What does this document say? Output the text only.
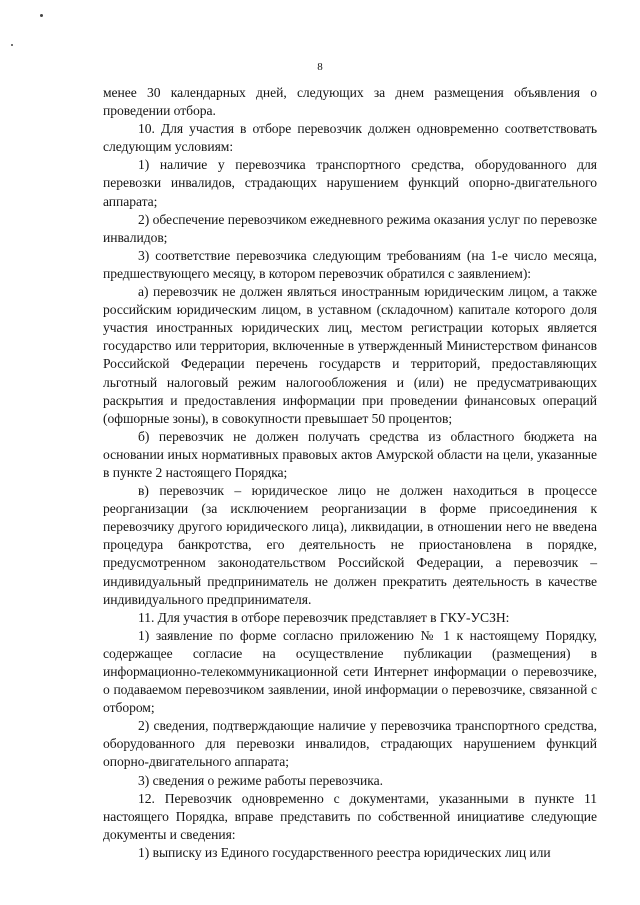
8

менее 30 календарных дней, следующих за днем размещения объявления о проведении отбора.

10. Для участия в отборе перевозчик должен одновременно соответствовать следующим условиям:

1) наличие у перевозчика транспортного средства, оборудованного для перевозки инвалидов, страдающих нарушением функций опорно-двигательного аппарата;

2) обеспечение перевозчиком ежедневного режима оказания услуг по перевозке инвалидов;

3) соответствие перевозчика следующим требованиям (на 1-е число месяца, предшествующего месяцу, в котором перевозчик обратился с заявлением):

а) перевозчик не должен являться иностранным юридическим лицом, а также российским юридическим лицом, в уставном (складочном) капитале которого доля участия иностранных юридических лиц, местом регистрации которых является государство или территория, включенные в утвержденный Министерством финансов Российской Федерации перечень государств и территорий, предоставляющих льготный налоговый режим налогообложения и (или) не предусматривающих раскрытия и предоставления информации при проведении финансовых операций (офшорные зоны), в совокупности превышает 50 процентов;

б) перевозчик не должен получать средства из областного бюджета на основании иных нормативных правовых актов Амурской области на цели, указанные в пункте 2 настоящего Порядка;

в) перевозчик – юридическое лицо не должен находиться в процессе реорганизации (за исключением реорганизации в форме присоединения к перевозчику другого юридического лица), ликвидации, в отношении него не введена процедура банкротства, его деятельность не приостановлена в порядке, предусмотренном законодательством Российской Федерации, а перевозчик – индивидуальный предприниматель не должен прекратить деятельность в качестве индивидуального предпринимателя.

11. Для участия в отборе перевозчик представляет в ГКУ-УСЗН:

1) заявление по форме согласно приложению № 1 к настоящему Порядку, содержащее согласие на осуществление публикации (размещения) в информационно-телекоммуникационной сети Интернет информации о перевозчике, о подаваемом перевозчиком заявлении, иной информации о перевозчике, связанной с отбором;

2) сведения, подтверждающие наличие у перевозчика транспортного средства, оборудованного для перевозки инвалидов, страдающих нарушением функций опорно-двигательного аппарата;

3) сведения о режиме работы перевозчика.

12. Перевозчик одновременно с документами, указанными в пункте 11 настоящего Порядка, вправе представить по собственной инициативе следующие документы и сведения:

1) выписку из Единого государственного реестра юридических лиц или
